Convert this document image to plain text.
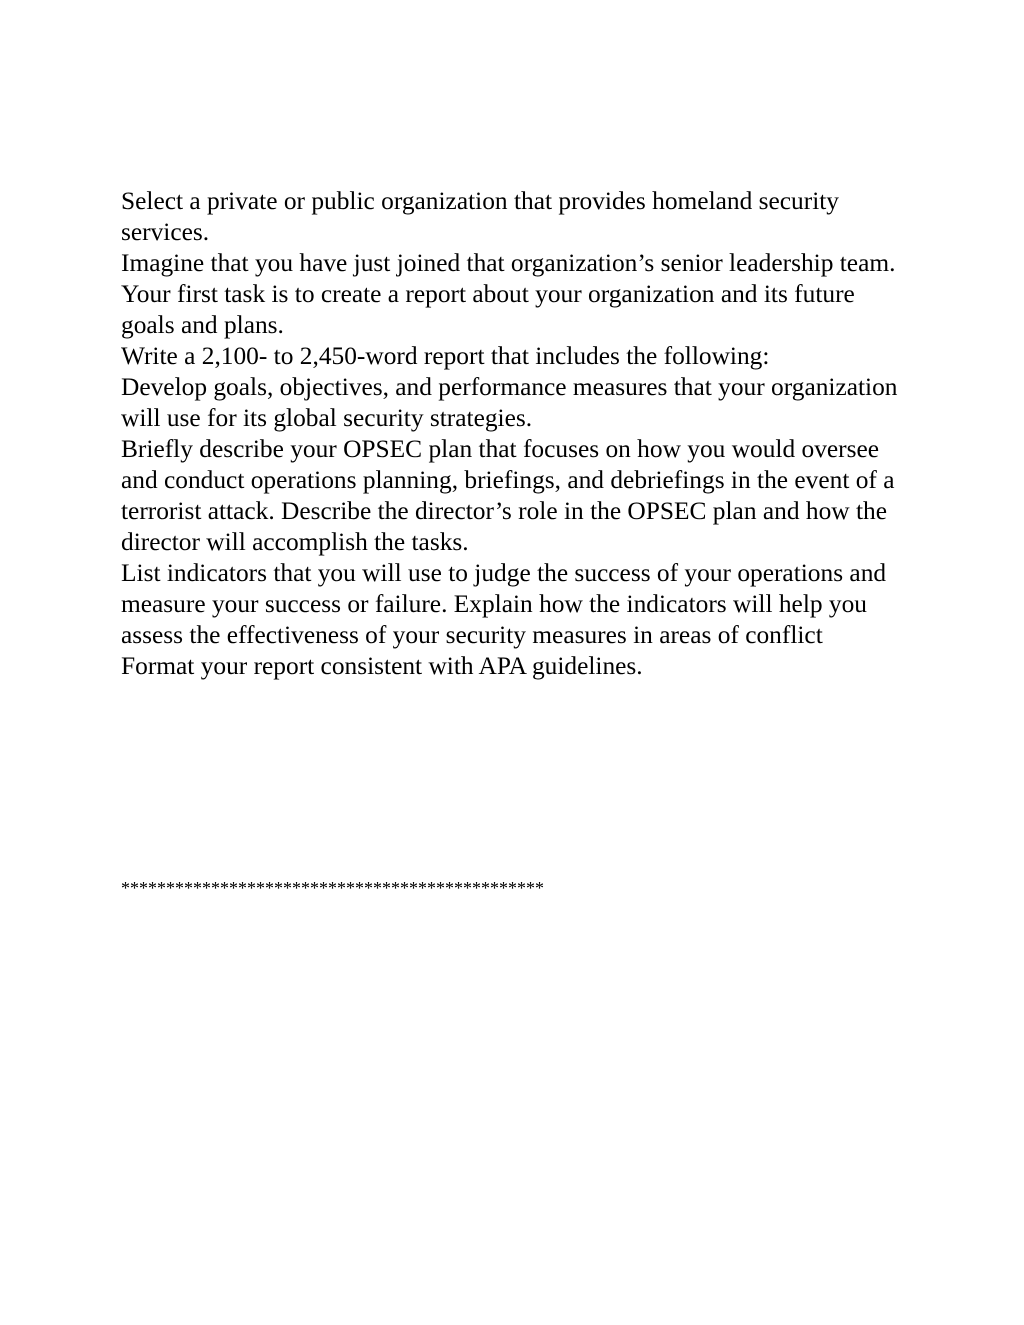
Select a private or public organization that provides homeland security services.

Imagine that you have just joined that organization’s senior leadership team. Your first task is to create a report about your organization and its future goals and plans.

Write a 2,100- to 2,450-word report that includes the following:

Develop goals, objectives, and performance measures that your organization will use for its global security strategies.

Briefly describe your OPSEC plan that focuses on how you would oversee and conduct operations planning, briefings, and debriefings in the event of a terrorist attack. Describe the director’s role in the OPSEC plan and how the director will accomplish the tasks.

List indicators that you will use to judge the success of your operations and measure your success or failure. Explain how the indicators will help you assess the effectiveness of your security measures in areas of conflict

Format your report consistent with APA guidelines.

***********************************************
